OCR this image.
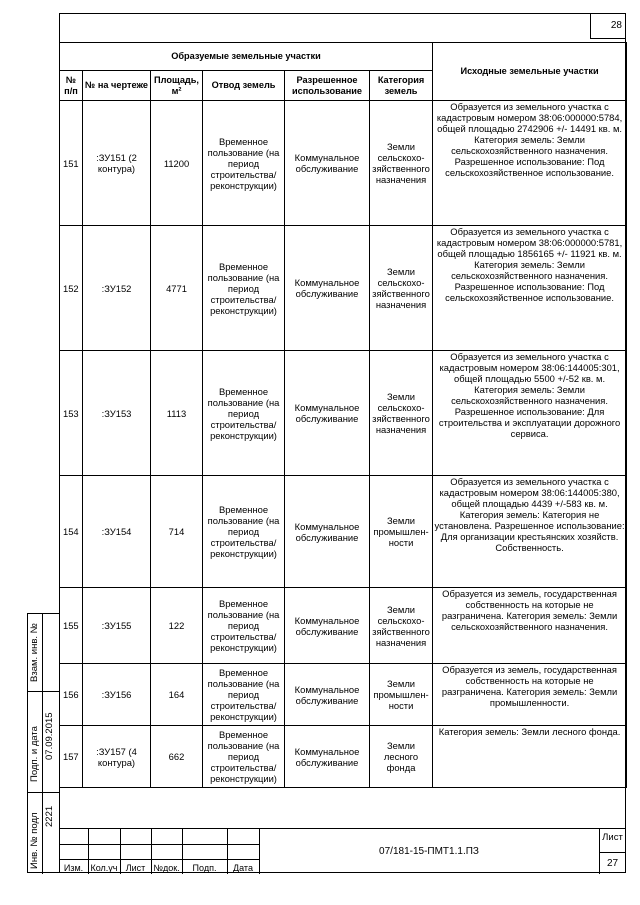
28
Образуемые земельные участки						Исходные земельные участки
№ п/п	№ на чертеже	Площадь, м²	Отвод земель	Разрешенное использование	Категория земель	
151	:ЗУ151 (2 контура)	11200	Временное пользование (на период строительства/ реконструкции)	Коммунальное обслуживание	Земли сельскохо- зяйственного назначения	Образуется из земельного участка с кадастровым номером 38:06:000000:5784, общей площадью 2742906 +/- 14491 кв. м. Категория земель: Земли сельскохозяйственного назначения. Разрешенное использование: Под сельскохозяйственное использование.
152	:ЗУ152	4771	Временное пользование (на период строительства/ реконструкции)	Коммунальное обслуживание	Земли сельскохо- зяйственного назначения	Образуется из земельного участка с кадастровым номером 38:06:000000:5781, общей площадью 1856165 +/- 11921 кв. м. Категория земель: Земли сельскохозяйственного назначения. Разрешенное использование: Под сельскохозяйственное использование.
153	:ЗУ153	1113	Временное пользование (на период строительства/ реконструкции)	Коммунальное обслуживание	Земли сельскохо- зяйственного назначения	Образуется из земельного участка с кадастровым номером 38:06:144005:301, общей площадью 5500 +/-52 кв. м. Категория земель: Земли сельскохозяйственного назначения. Разрешенное использование: Для строительства и эксплуатации дорожного сервиса.
154	:ЗУ154	714	Временное пользование (на период строительства/ реконструкции)	Коммунальное обслуживание	Земли промышлен- ности	Образуется из земельного участка с кадастровым номером 38:06:144005:380, общей площадью 4439 +/-583 кв. м. Категория земель: Категория не установлена. Разрешенное использование: Для организации крестьянских хозяйств. Собственность.
155	:ЗУ155	122	Временное пользование (на период строительства/ реконструкции)	Коммунальное обслуживание	Земли сельскохо- зяйственного назначения	Образуется из земель, государственная собственность на которые не разграничена. Категория земель: Земли сельскохозяйственного назначения.
156	:ЗУ156	164	Временное пользование (на период строительства/ реконструкции)	Коммунальное обслуживание	Земли промышлен- ности	Образуется из земель, государственная собственность на которые не разграничена. Категория земель: Земли промышленности.
157	:ЗУ157 (4 контура)	662	Временное пользование (на период строительства/ реконструкции)	Коммунальное обслуживание	Земли лесного фонда	Категория земель: Земли лесного фонда.
Взам. инв. №
Подп. и дата 07.09.2015
Инв. № подл 2221
Изм. Кол.уч Лист №док.	Подп.	Дата
07/181-15-ПМТ1.1.ПЗ
Лист
27
